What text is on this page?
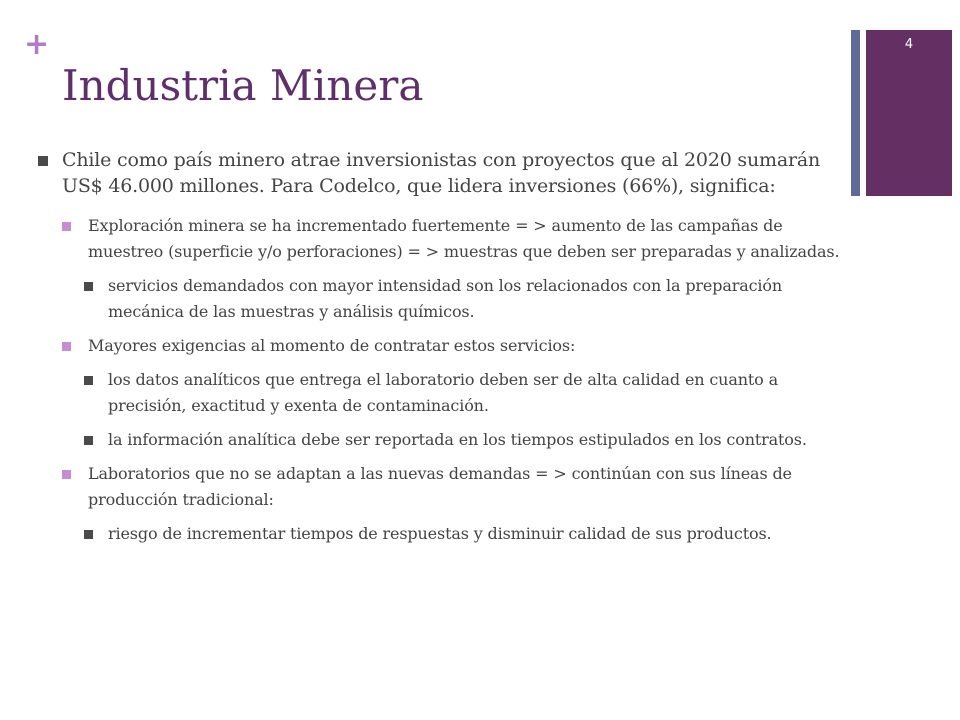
+
Industria Minera
4
Chile como país minero atrae inversionistas con proyectos que al 2020 sumarán US$ 46.000 millones. Para Codelco, que lidera inversiones (66%), significa:
Exploración minera se ha incrementado fuertemente = > aumento de las campañas de muestreo (superficie y/o perforaciones) = > muestras que deben ser preparadas y analizadas.
servicios demandados con mayor intensidad son los relacionados con la preparación mecánica de las muestras y análisis químicos.
Mayores exigencias al momento de contratar estos servicios:
los datos analíticos que entrega el laboratorio deben ser de alta calidad en cuanto a precisión, exactitud y exenta de contaminación.
la información analítica debe ser reportada en los tiempos estipulados en los contratos.
Laboratorios que no se adaptan a las nuevas demandas = > continúan con sus líneas de producción tradicional:
riesgo de incrementar tiempos de respuestas y disminuir calidad de sus productos.
